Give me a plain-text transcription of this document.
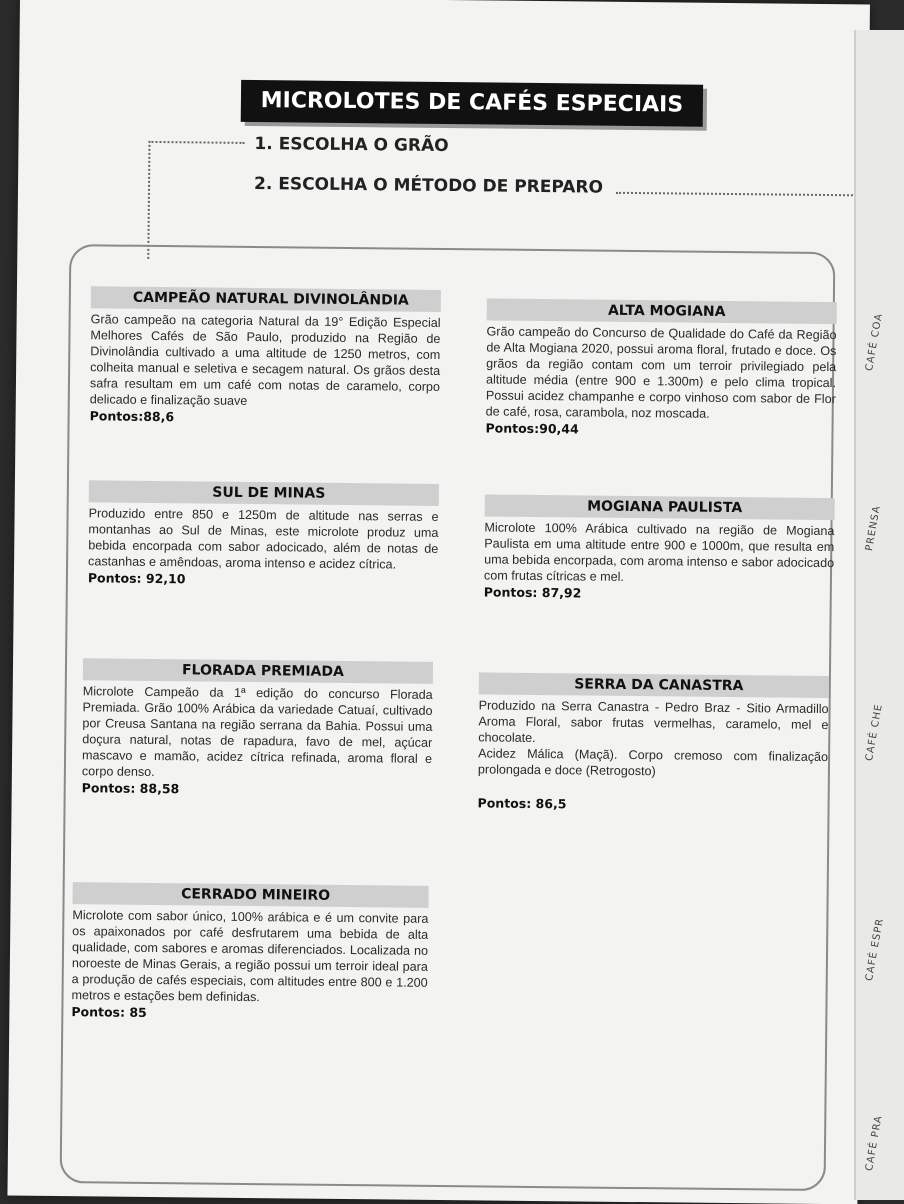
MICROLOTES DE CAFÉS ESPECIAIS
1. ESCOLHA O GRÃO
2. ESCOLHA O MÉTODO DE PREPARO
CAMPEÃO NATURAL DIVINOLÂNDIA
Grão campeão na categoria Natural da 19° Edição Especial Melhores Cafés de São Paulo, produzido na Região de Divinolândia cultivado a uma altitude de 1250 metros, com colheita manual e seletiva e secagem natural. Os grãos desta safra resultam em um café com notas de caramelo, corpo delicado e finalização suave
Pontos:88,6
ALTA MOGIANA
Grão campeão do Concurso de Qualidade do Café da Região de Alta Mogiana 2020, possui aroma floral, frutado e doce. Os grãos da região contam com um terroir privilegiado pela altitude média (entre 900 e 1.300m) e pelo clima tropical. Possui acidez champanhe e corpo vinhoso com sabor de Flor de café, rosa, carambola, noz moscada.
Pontos:90,44
SUL DE MINAS
Produzido entre 850 e 1250m de altitude nas serras e montanhas ao Sul de Minas, este microlote produz uma bebida encorpada com sabor adocicado, além de notas de castanhas e amêndoas, aroma intenso e acidez cítrica.
Pontos: 92,10
MOGIANA PAULISTA
Microlote 100% Arábica cultivado na região de Mogiana Paulista em uma altitude entre 900 e 1000m, que resulta em uma bebida encorpada, com aroma intenso e sabor adocicado com frutas cítricas e mel.
Pontos: 87,92
FLORADA PREMIADA
Microlote Campeão da 1ª edição do concurso Florada Premiada. Grão 100% Arábica da variedade Catuaí, cultivado por Creusa Santana na região serrana da Bahia. Possui uma doçura natural, notas de rapadura, favo de mel, açúcar mascavo e mamão, acidez cítrica refinada, aroma floral e corpo denso.
Pontos: 88,58
SERRA DA CANASTRA
Produzido na Serra Canastra - Pedro Braz - Sitio Armadillo Aroma Floral, sabor frutas vermelhas, caramelo, mel e chocolate.
Acidez Málica (Maçã). Corpo cremoso com finalização prolongada e doce (Retrogosto)
Pontos: 86,5
CERRADO MINEIRO
Microlote com sabor único, 100% arábica e é um convite para os apaixonados por café desfrutarem uma bebida de alta qualidade, com sabores e aromas diferenciados. Localizada no noroeste de Minas Gerais, a região possui um terroir ideal para a produção de cafés especiais, com altitudes entre 800 e 1.200 metros e estações bem definidas.
Pontos: 85
CAFÉ COA
PRENSA
CAFÉ CHE
CAFÉ ESPR
CAFÉ PRA
